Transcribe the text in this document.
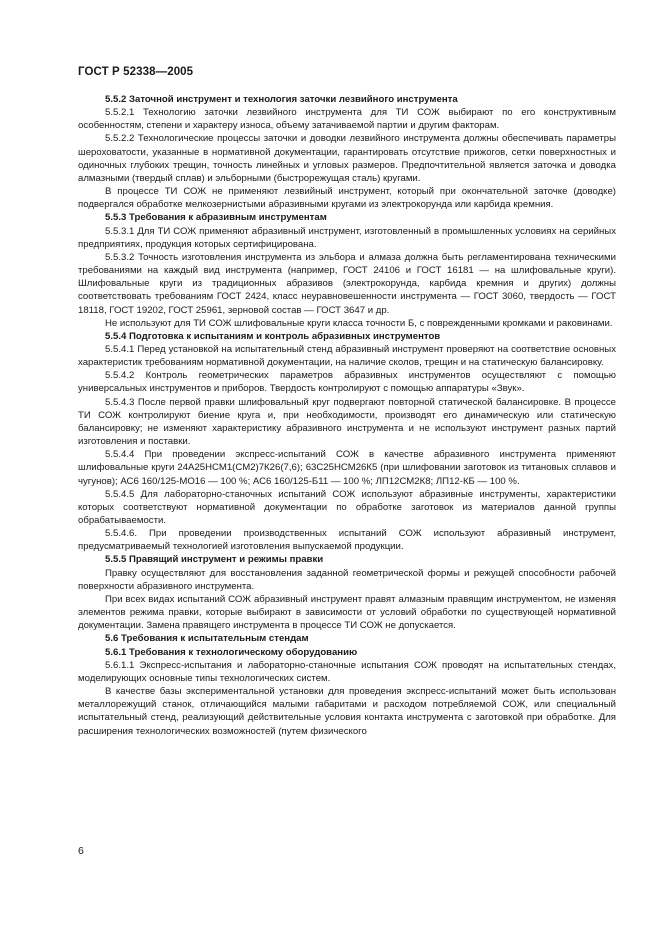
ГОСТ Р 52338—2005

5.5.2 Заточной инструмент и технология заточки лезвийного инструмента

5.5.2.1 Технологию заточки лезвийного инструмента для ТИ СОЖ выбирают по его конструктивным особенностям, степени и характеру износа, объему затачиваемой партии и другим факторам.

5.5.2.2 Технологические процессы заточки и доводки лезвийного инструмента должны обеспечивать параметры шероховатости, указанные в нормативной документации, гарантировать отсутствие прижогов, сетки поверхностных и одиночных глубоких трещин, точность линейных и угловых размеров. Предпочтительной является заточка и доводка алмазными (твердый сплав) и эльборными (быстрорежущая сталь) кругами.

В процессе ТИ СОЖ не применяют лезвийный инструмент, который при окончательной заточке (доводке) подвергался обработке мелкозернистыми абразивными кругами из электрокорунда или карбида кремния.

5.5.3 Требования к абразивным инструментам

5.5.3.1 Для ТИ СОЖ применяют абразивный инструмент, изготовленный в промышленных условиях на серийных предприятиях, продукция которых сертифицирована.

5.5.3.2 Точность изготовления инструмента из эльбора и алмаза должна быть регламентирована техническими требованиями на каждый вид инструмента (например, ГОСТ 24106 и ГОСТ 16181 — на шлифовальные круги). Шлифовальные круги из традиционных абразивов (электрокорунда, карбида кремния и других) должны соответствовать требованиям ГОСТ 2424, класс неуравновешенности инструмента — ГОСТ 3060, твердость — ГОСТ 18118, ГОСТ 19202, ГОСТ 25961, зерновой состав — ГОСТ 3647 и др.

Не используют для ТИ СОЖ шлифовальные круги класса точности Б, с поврежденными кромками и раковинами.

5.5.4 Подготовка к испытаниям и контроль абразивных инструментов

5.5.4.1 Перед установкой на испытательный стенд абразивный инструмент проверяют на соответствие основных характеристик требованиям нормативной документации, на наличие сколов, трещин и на статическую балансировку.

5.5.4.2 Контроль геометрических параметров абразивных инструментов осуществляют с помощью универсальных инструментов и приборов. Твердость контролируют с помощью аппаратуры «Звук».

5.5.4.3 После первой правки шлифовальный круг подвергают повторной статической балансировке. В процессе ТИ СОЖ контролируют биение круга и, при необходимости, производят его динамическую или статическую балансировку; не изменяют характеристику абразивного инструмента и не используют инструмент разных партий изготовления и поставки.

5.5.4.4 При проведении экспресс-испытаний СОЖ в качестве абразивного инструмента применяют шлифовальные круги 24А25НСМ1(СМ2)7К26(7,6); 63С25НСМ26К5 (при шлифовании заготовок из титановых сплавов и чугунов); АС6 160/125-МО16 — 100 %; АС6 160/125-Б11 — 100 %; ЛП12СМ2К8; ЛП12-КБ — 100 %.

5.5.4.5 Для лабораторно-станочных испытаний СОЖ используют абразивные инструменты, характеристики которых соответствуют нормативной документации по обработке заготовок из материалов данной группы обрабатываемости.

5.5.4.6. При проведении производственных испытаний СОЖ используют абразивный инструмент, предусматриваемый технологией изготовления выпускаемой продукции.

5.5.5 Правящий инструмент и режимы правки

Правку осуществляют для восстановления заданной геометрической формы и режущей способности рабочей поверхности абразивного инструмента.

При всех видах испытаний СОЖ абразивный инструмент правят алмазным правящим инструментом, не изменяя элементов режима правки, которые выбирают в зависимости от условий обработки по существующей нормативной документации. Замена правящего инструмента в процессе ТИ СОЖ не допускается.

5.6 Требования к испытательным стендам

5.6.1 Требования к технологическому оборудованию

5.6.1.1 Экспресс-испытания и лабораторно-станочные испытания СОЖ проводят на испытательных стендах, моделирующих основные типы технологических систем.

В качестве базы экспериментальной установки для проведения экспресс-испытаний может быть использован металлорежущий станок, отличающийся малыми габаритами и расходом потребляемой СОЖ, или специальный испытательный стенд, реализующий действительные условия контакта инструмента с заготовкой при обработке. Для расширения технологических возможностей (путем физического

6
